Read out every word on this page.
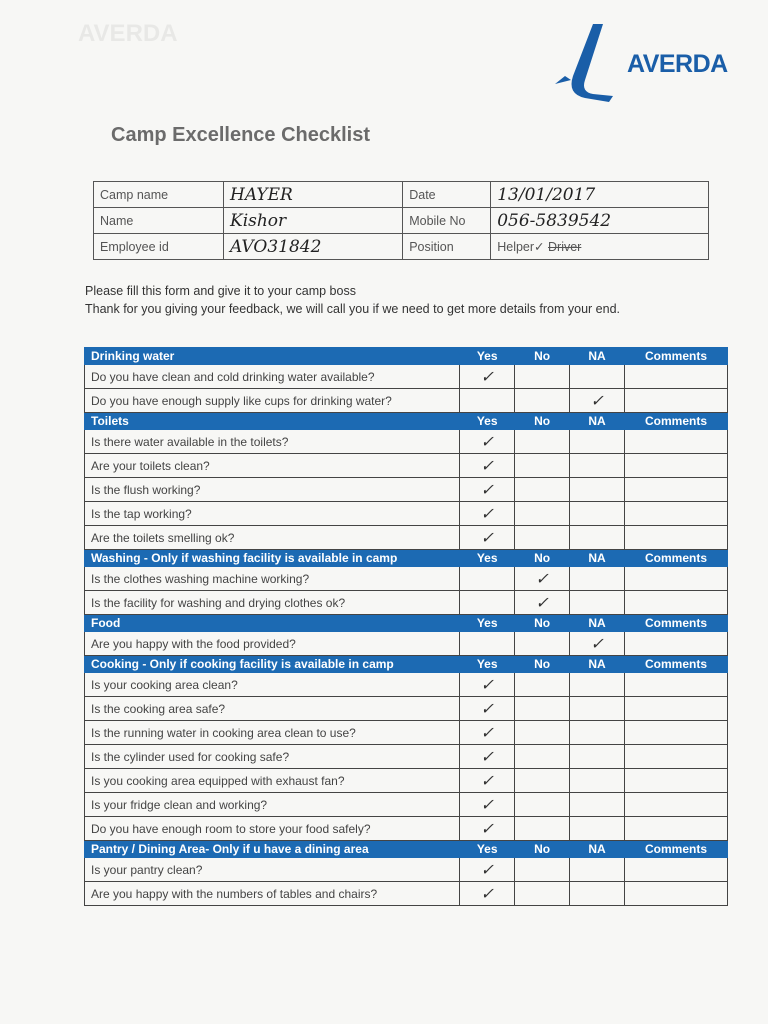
AVERDA
AVERDA
Camp Excellence Checklist
Camp name	HAYER	Date	13/01/2017
Name	Kishor	Mobile No	056-5839542
Employee id	AVO31842	Position	Helper✓ Driver
Please fill this form and give it to your camp boss
Thank for you giving your feedback, we will call you if we need to get more details from your end.
Drinking water	Yes	No	NA	Comments
Do you have clean and cold drinking water available?	✓			
Do you have enough supply like cups for drinking water?			✓	
Toilets	Yes	No	NA	Comments
Is there water available in the toilets?	✓			
Are your toilets clean?	✓			
Is the flush working?	✓			
Is the tap working?	✓			
Are the toilets smelling ok?	✓			
Washing - Only if washing facility is available in camp	Yes	No	NA	Comments
Is the clothes washing machine working?		✓		
Is the facility for washing and drying clothes ok?		✓		
Food	Yes	No	NA	Comments
Are you happy with the food provided?			✓	
Cooking - Only if cooking facility is available in camp	Yes	No	NA	Comments
Is your cooking area clean?	✓			
Is the cooking area safe?	✓			
Is the running water in cooking area clean to use?	✓			
Is the cylinder used for cooking safe?	✓			
Is you cooking area equipped with exhaust fan?	✓			
Is your fridge clean and working?	✓			
Do you have enough room to store your food safely?	✓			
Pantry / Dining Area- Only if u have a dining area	Yes	No	NA	Comments
Is your pantry clean?	✓			
Are you happy with the numbers of tables and chairs?	✓			
